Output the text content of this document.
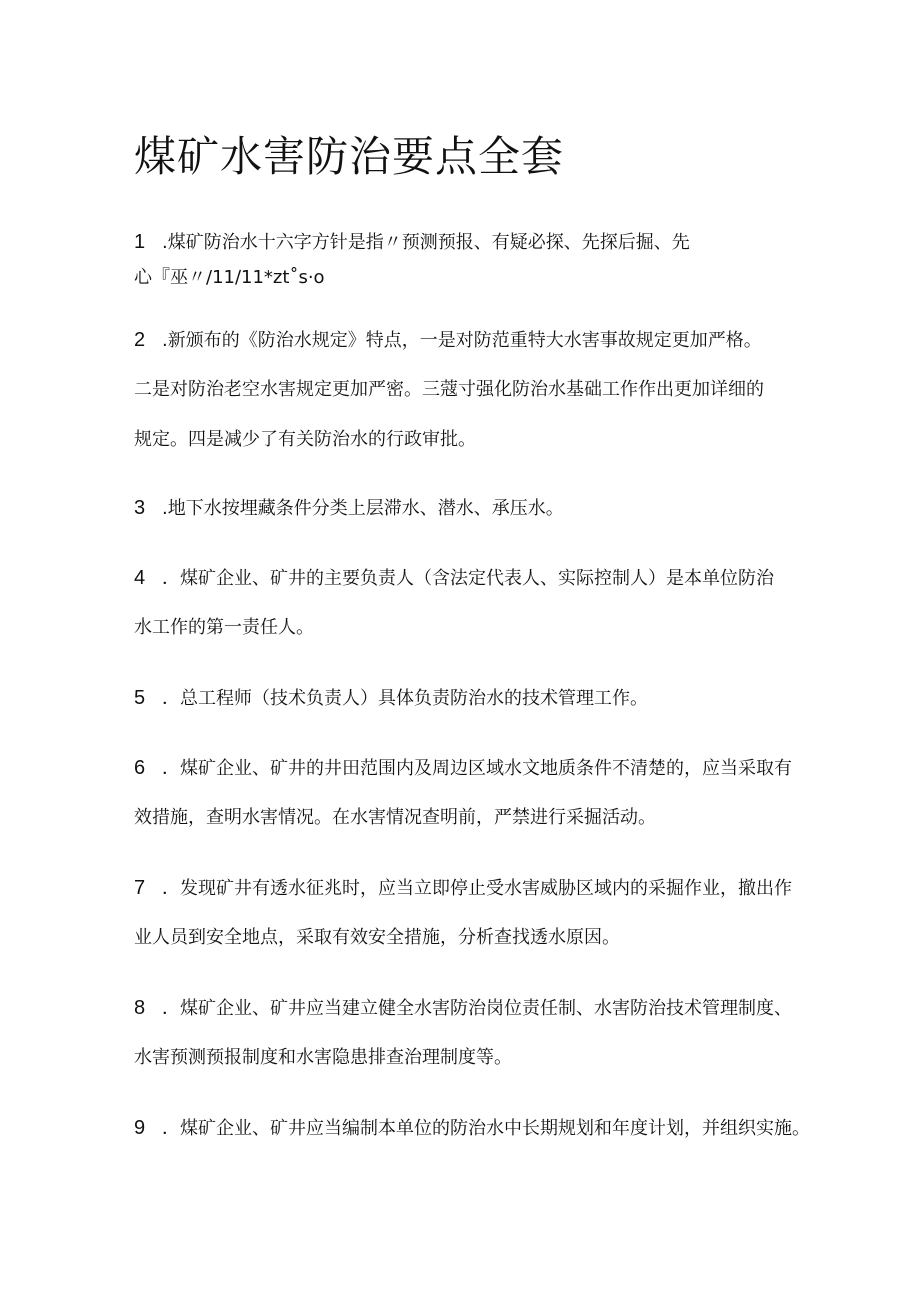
煤矿水害防治要点全套
1 .煤矿防治水十六字方针是指〃预测预报、有疑必探、先探后掘、先
心『巫〃/11∕11*zt˚s·o
2 .新颁布的《防治水规定》特点，一是对防范重特大水害事故规定更加严格。
二是对防治老空水害规定更加严密。三蔻寸强化防治水基础工作作出更加详细的
规定。四是减少了有关防治水的行政审批。
3 .地下水按埋藏条件分类上层滞水、潜水、承压水。
4 ．煤矿企业、矿井的主要负责人（含法定代表人、实际控制人）是本单位防治
水工作的第一责任人。
5 ．总工程师（技术负责人）具体负责防治水的技术管理工作。
6 ．煤矿企业、矿井的井田范围内及周边区域水文地质条件不清楚的，应当采取有
效措施，查明水害情况。在水害情况查明前，严禁进行采掘活动。
7 ．发现矿井有透水征兆时，应当立即停止受水害威胁区域内的采掘作业，撤出作
业人员到安全地点，采取有效安全措施，分析查找透水原因。
8 ．煤矿企业、矿井应当建立健全水害防治岗位责任制、水害防治技术管理制度、
水害预测预报制度和水害隐患排查治理制度等。
9 ．煤矿企业、矿井应当编制本单位的防治水中长期规划和年度计划，并组织实施。
